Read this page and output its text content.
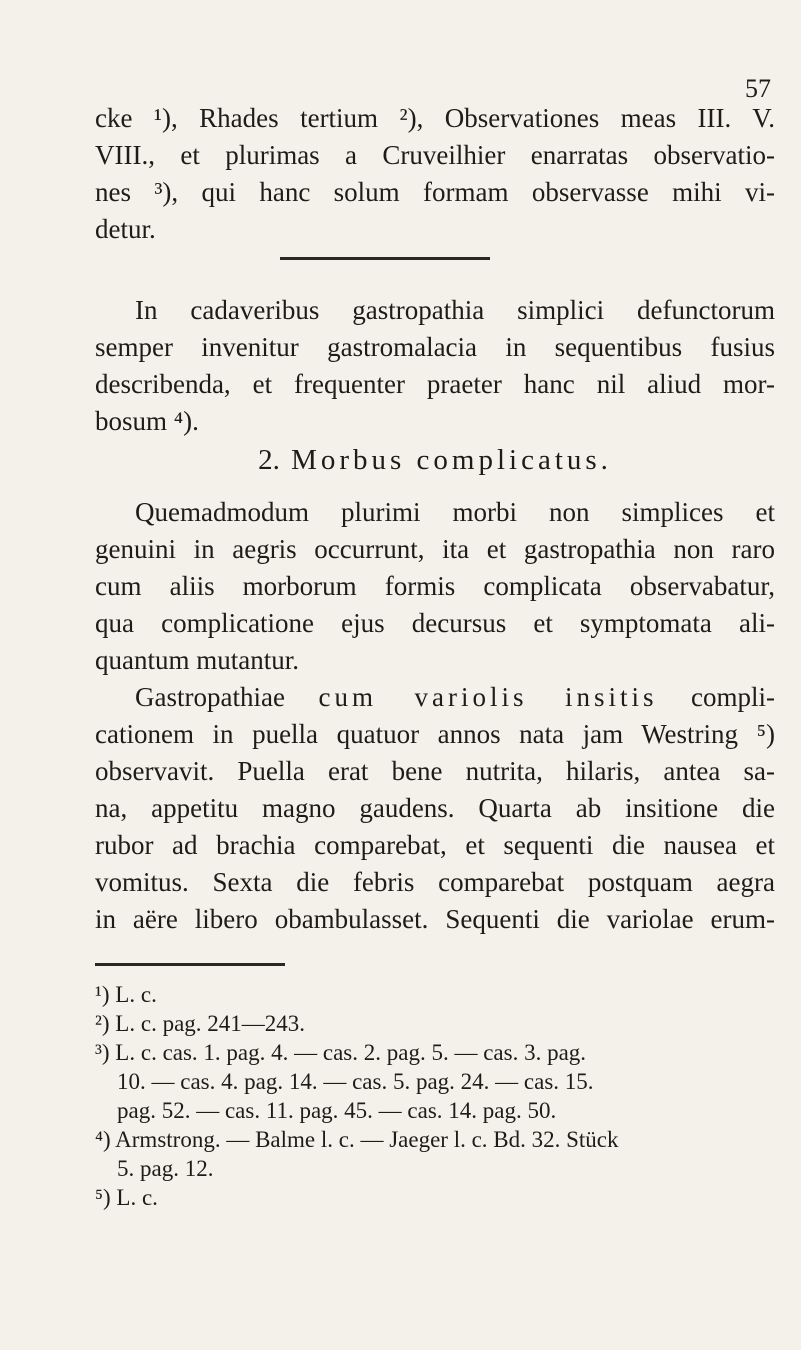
57
cke ¹), Rhades tertium ²), Observationes meas III. V.
VIII., et plurimas a Cruveilhier enarratas observatio-
nes ³), qui hanc solum formam observasse mihi vi-
detur.
In cadaveribus gastropathia simplici defunctorum
semper invenitur gastromalacia in sequentibus fusius
describenda, et frequenter praeter hanc nil aliud mor-
bosum ⁴).
2. Morbus complicatus.
Quemadmodum plurimi morbi non simplices et
genuini in aegris occurrunt, ita et gastropathia non raro
cum aliis morborum formis complicata observabatur,
qua complicatione ejus decursus et symptomata ali-
quantum mutantur.
Gastropathiae cum variolis insitis compli-
cationem in puella quatuor annos nata jam Westring ⁵)
observavit. Puella erat bene nutrita, hilaris, antea sa-
na, appetitu magno gaudens. Quarta ab insitione die
rubor ad brachia comparebat, et sequenti die nausea et
vomitus. Sexta die febris comparebat postquam aegra
in aëre libero obambulasset. Sequenti die variolae erum-
¹) L. c.
²) L. c. pag. 241—243.
³) L. c. cas. 1. pag. 4. — cas. 2. pag. 5. — cas. 3. pag.
10. — cas. 4. pag. 14. — cas. 5. pag. 24. — cas. 15.
pag. 52. — cas. 11. pag. 45. — cas. 14. pag. 50.
⁴) Armstrong. — Balme l. c. — Jaeger l. c. Bd. 32. Stück
5. pag. 12.
⁵) L. c.
